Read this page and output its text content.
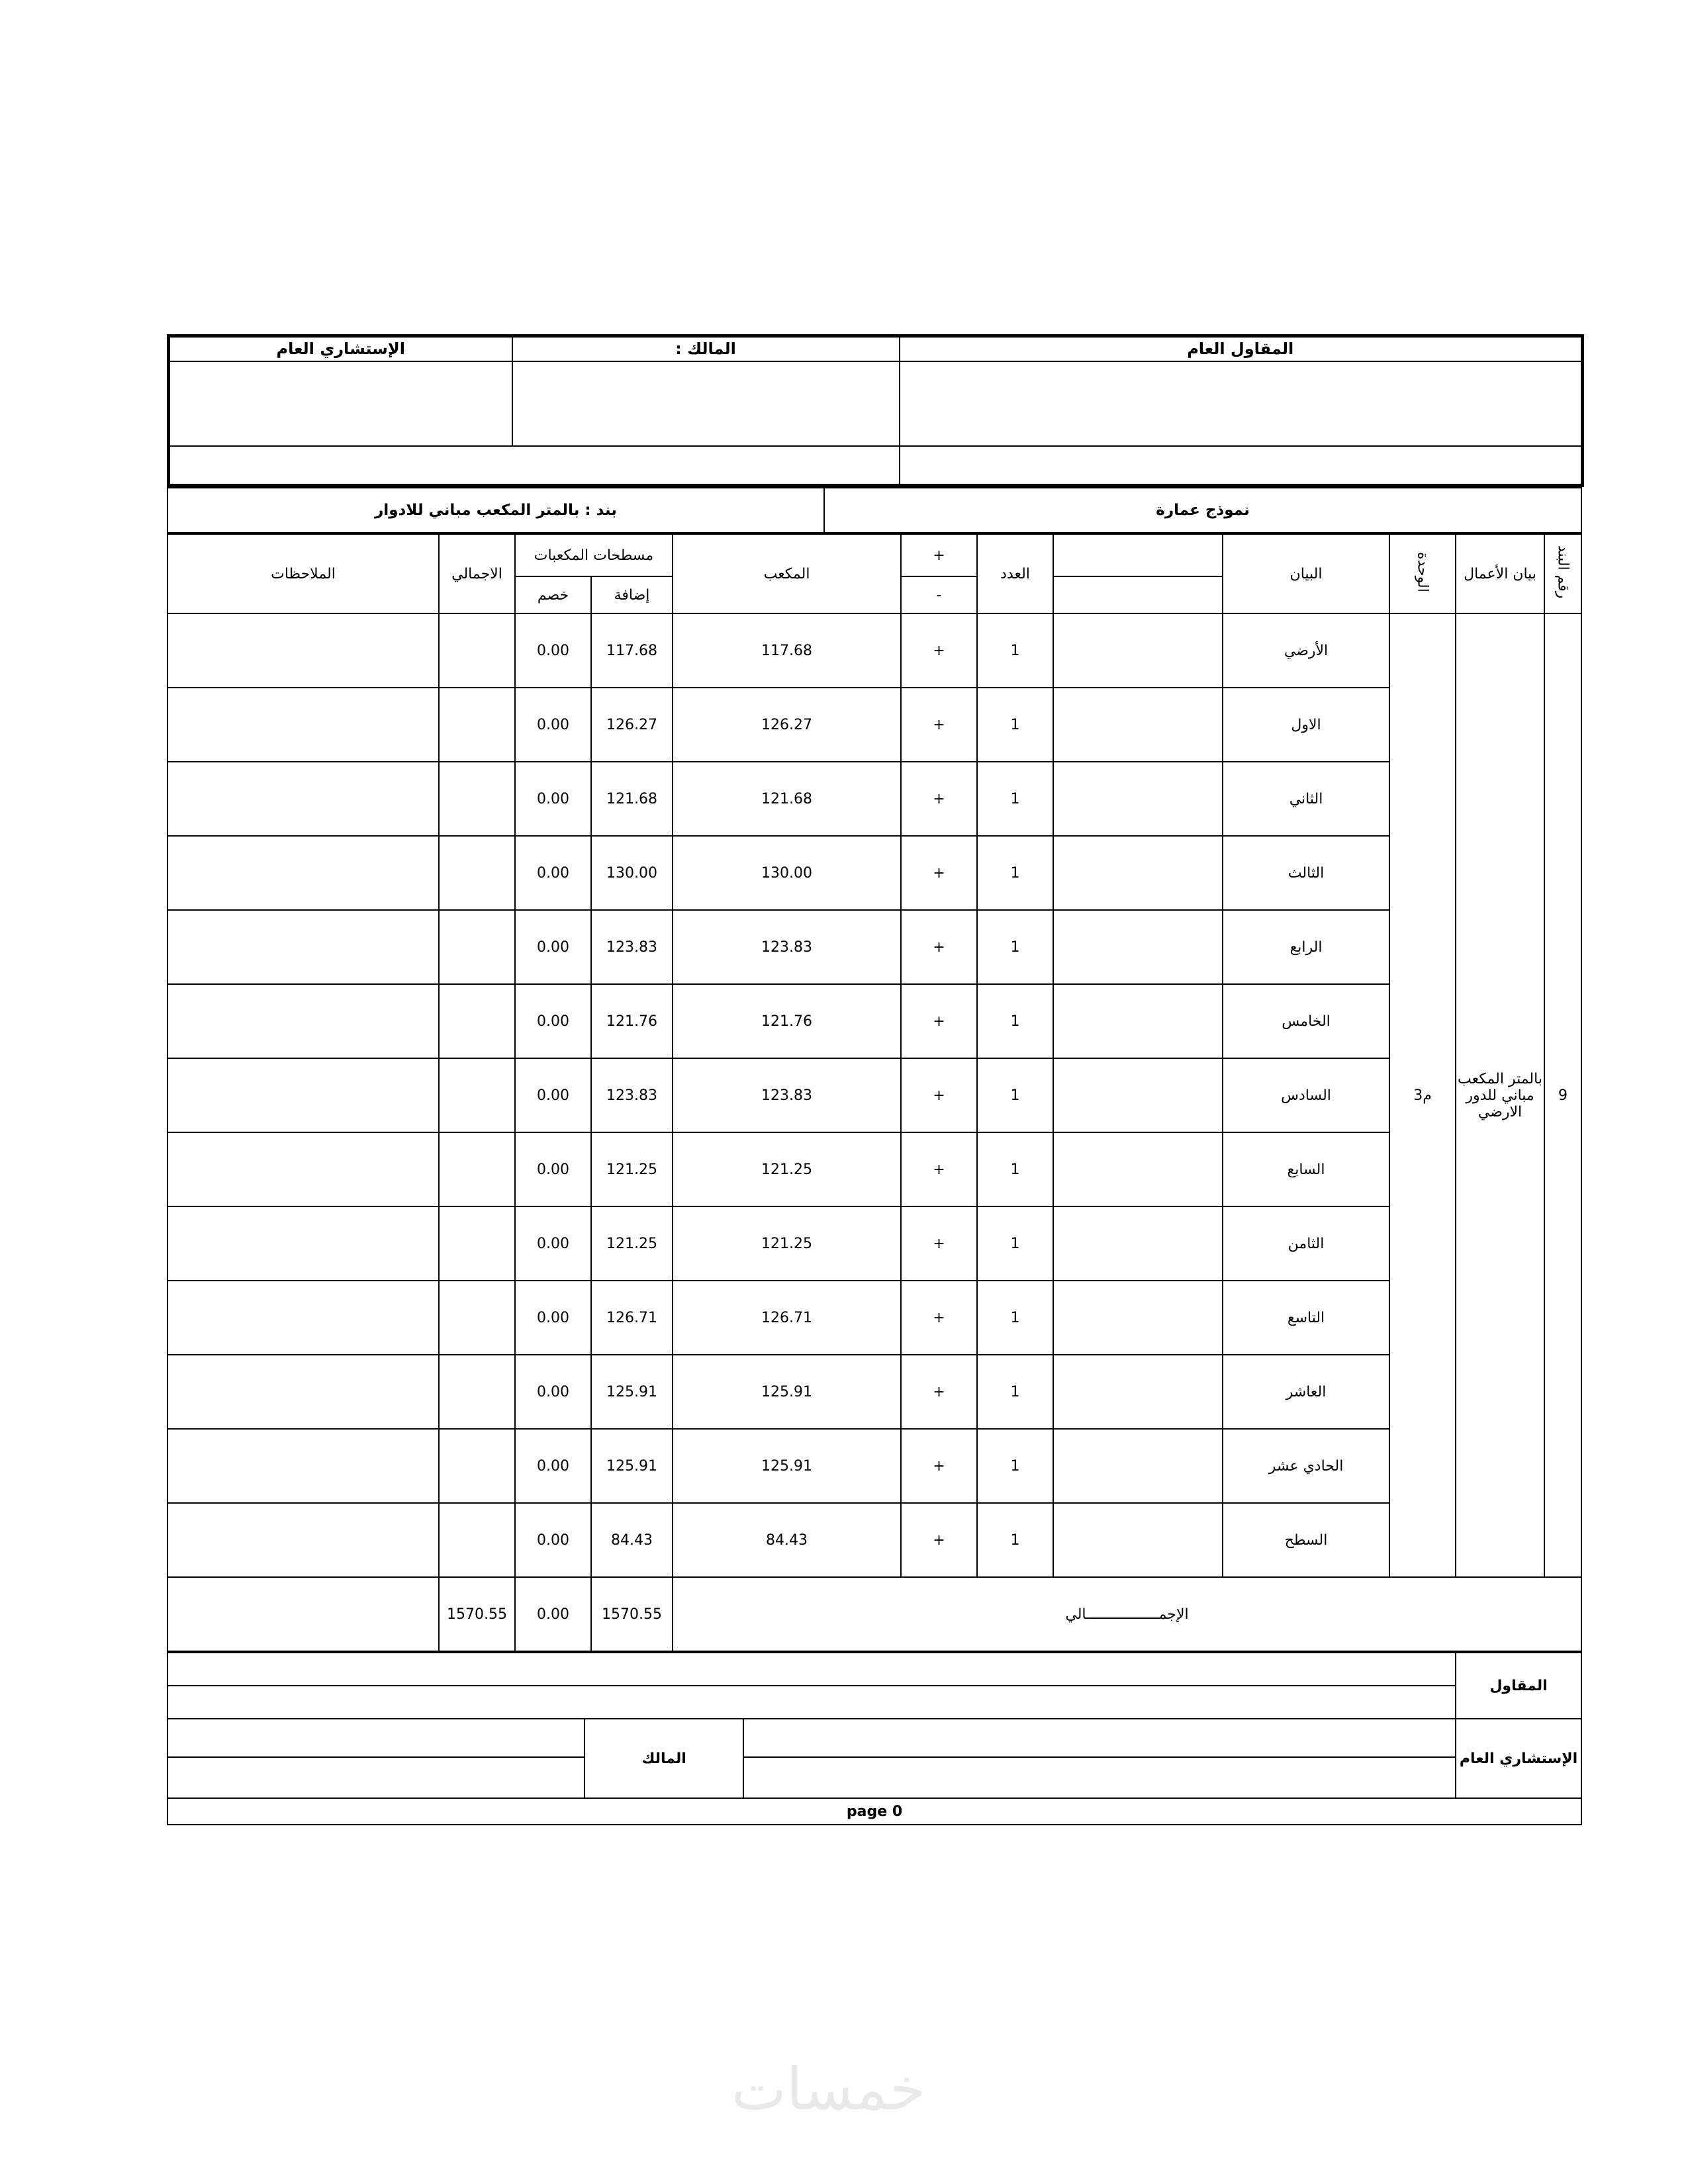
المقاول العام	المالك :	الإستشاري العام

نموذج عمارة	بند : بالمتر المكعب مباني للادوار
رقم البند	بيان الأعمال	الوحدة	البيان		العدد	+	المكعب	مسطحات المكعبات		الاجمالي	الملاحظات
						-		إضافة	خصم		
9	بالمتر المكعب مباني للدور الارضي	م3	الأرضي		1	+	117.68	117.68	0.00		
			الاول		1	+	126.27	126.27	0.00		
			الثاني		1	+	121.68	121.68	0.00		
			الثالث		1	+	130.00	130.00	0.00		
			الرابع		1	+	123.83	123.83	0.00		
			الخامس		1	+	121.76	121.76	0.00		
			السادس		1	+	123.83	123.83	0.00		
			السابع		1	+	121.25	121.25	0.00		
			الثامن		1	+	121.25	121.25	0.00		
			التاسع		1	+	126.71	126.71	0.00		
			العاشر		1	+	125.91	125.91	0.00		
			الحادي عشر		1	+	125.91	125.91	0.00		
			السطح		1	+	84.43	84.43	0.00		
الإجمـــــــــــــــــالي								1570.55	0.00	1570.55	
المقاول			

الإستشاري العام		المالك	

page 0			
خمسات
